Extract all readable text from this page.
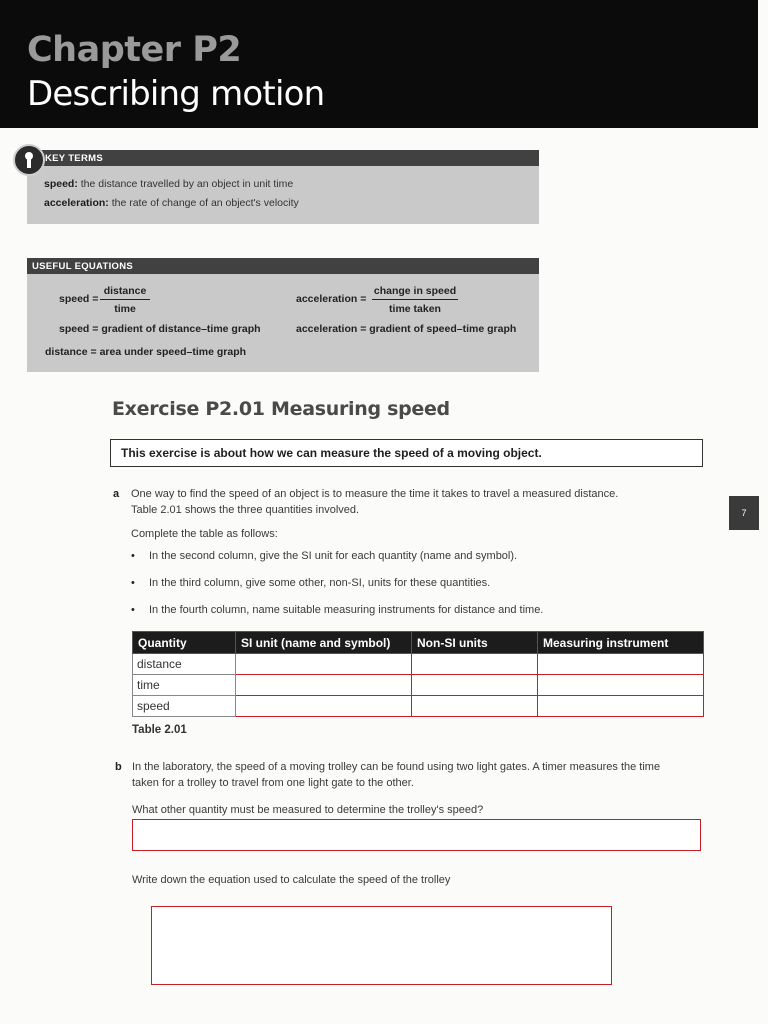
Chapter P2
Describing motion
KEY TERMS
speed: the distance travelled by an object in unit time
acceleration: the rate of change of an object's velocity
USEFUL EQUATIONS
speed =
distance
time
acceleration =
change in speed
time taken
speed = gradient of distance–time graph	acceleration = gradient of speed–time graph
distance = area under speed–time graph
Exercise P2.01 Measuring speed
This exercise is about how we can measure the speed of a moving object.
a One way to find the speed of an object is to measure the time it takes to travel a measured distance.
Table 2.01 shows the three quantities involved.
Complete the table as follows:
• In the second column, give the SI unit for each quantity (name and symbol).
• In the third column, give some other, non-SI, units for these quantities.
• In the fourth column, name suitable measuring instruments for distance and time.
7
Quantity	SI unit (name and symbol)	Non-SI units	Measuring instrument
distance			
time			
speed			
Table 2.01
b In the laboratory, the speed of a moving trolley can be found using two light gates. A timer measures the time
taken for a trolley to travel from one light gate to the other.
What other quantity must be measured to determine the trolley's speed?
Write down the equation used to calculate the speed of the trolley
